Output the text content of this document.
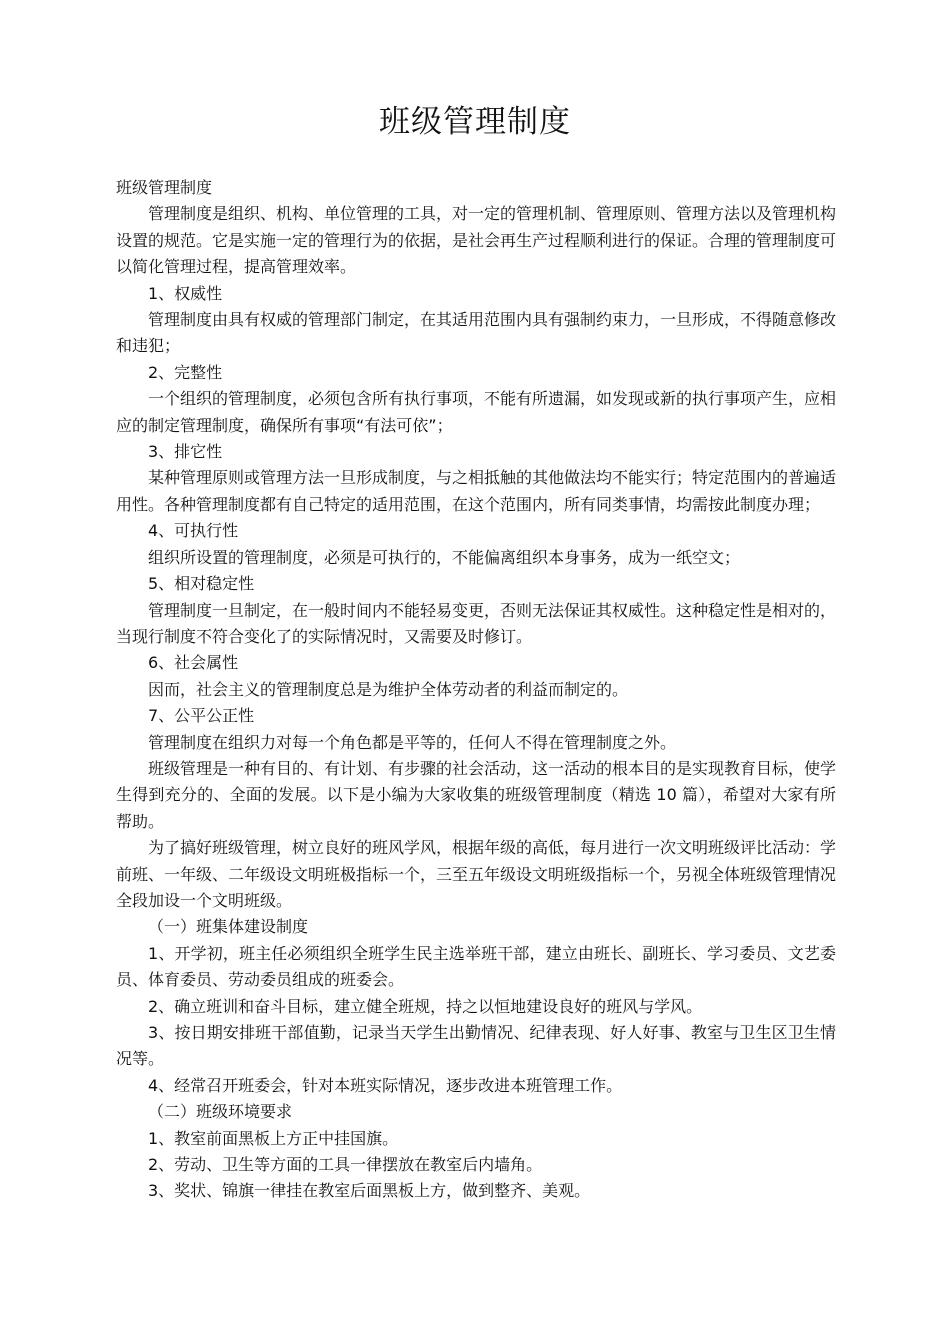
班级管理制度

班级管理制度

管理制度是组织、机构、单位管理的工具，对一定的管理机制、管理原则、管理方法以及管理机构设置的规范。它是实施一定的管理行为的依据，是社会再生产过程顺利进行的保证。合理的管理制度可以简化管理过程，提高管理效率。

1、权威性

管理制度由具有权威的管理部门制定，在其适用范围内具有强制约束力，一旦形成，不得随意修改和违犯；

2、完整性

一个组织的管理制度，必须包含所有执行事项，不能有所遗漏，如发现或新的执行事项产生，应相应的制定管理制度，确保所有事项“有法可依”；

3、排它性

某种管理原则或管理方法一旦形成制度，与之相抵触的其他做法均不能实行；特定范围内的普遍适用性。各种管理制度都有自己特定的适用范围，在这个范围内，所有同类事情，均需按此制度办理；

4、可执行性

组织所设置的管理制度，必须是可执行的，不能偏离组织本身事务，成为一纸空文；

5、相对稳定性

管理制度一旦制定，在一般时间内不能轻易变更，否则无法保证其权威性。这种稳定性是相对的，当现行制度不符合变化了的实际情况时，又需要及时修订。

6、社会属性

因而，社会主义的管理制度总是为维护全体劳动者的利益而制定的。

7、公平公正性

管理制度在组织力对每一个角色都是平等的，任何人不得在管理制度之外。

班级管理是一种有目的、有计划、有步骤的社会活动，这一活动的根本目的是实现教育目标，使学生得到充分的、全面的发展。以下是小编为大家收集的班级管理制度（精选 10 篇），希望对大家有所帮助。

为了搞好班级管理，树立良好的班风学风，根据年级的高低，每月进行一次文明班级评比活动：学前班、一年级、二年级设文明班极指标一个，三至五年级设文明班级指标一个，另视全体班级管理情况全段加设一个文明班级。

（一）班集体建设制度

1、开学初，班主任必须组织全班学生民主选举班干部，建立由班长、副班长、学习委员、文艺委员、体育委员、劳动委员组成的班委会。

2、确立班训和奋斗目标，建立健全班规，持之以恒地建设良好的班风与学风。

3、按日期安排班干部值勤，记录当天学生出勤情况、纪律表现、好人好事、教室与卫生区卫生情况等。

4、经常召开班委会，针对本班实际情况，逐步改进本班管理工作。

（二）班级环境要求

1、教室前面黑板上方正中挂国旗。

2、劳动、卫生等方面的工具一律摆放在教室后内墙角。

3、奖状、锦旗一律挂在教室后面黑板上方，做到整齐、美观。
